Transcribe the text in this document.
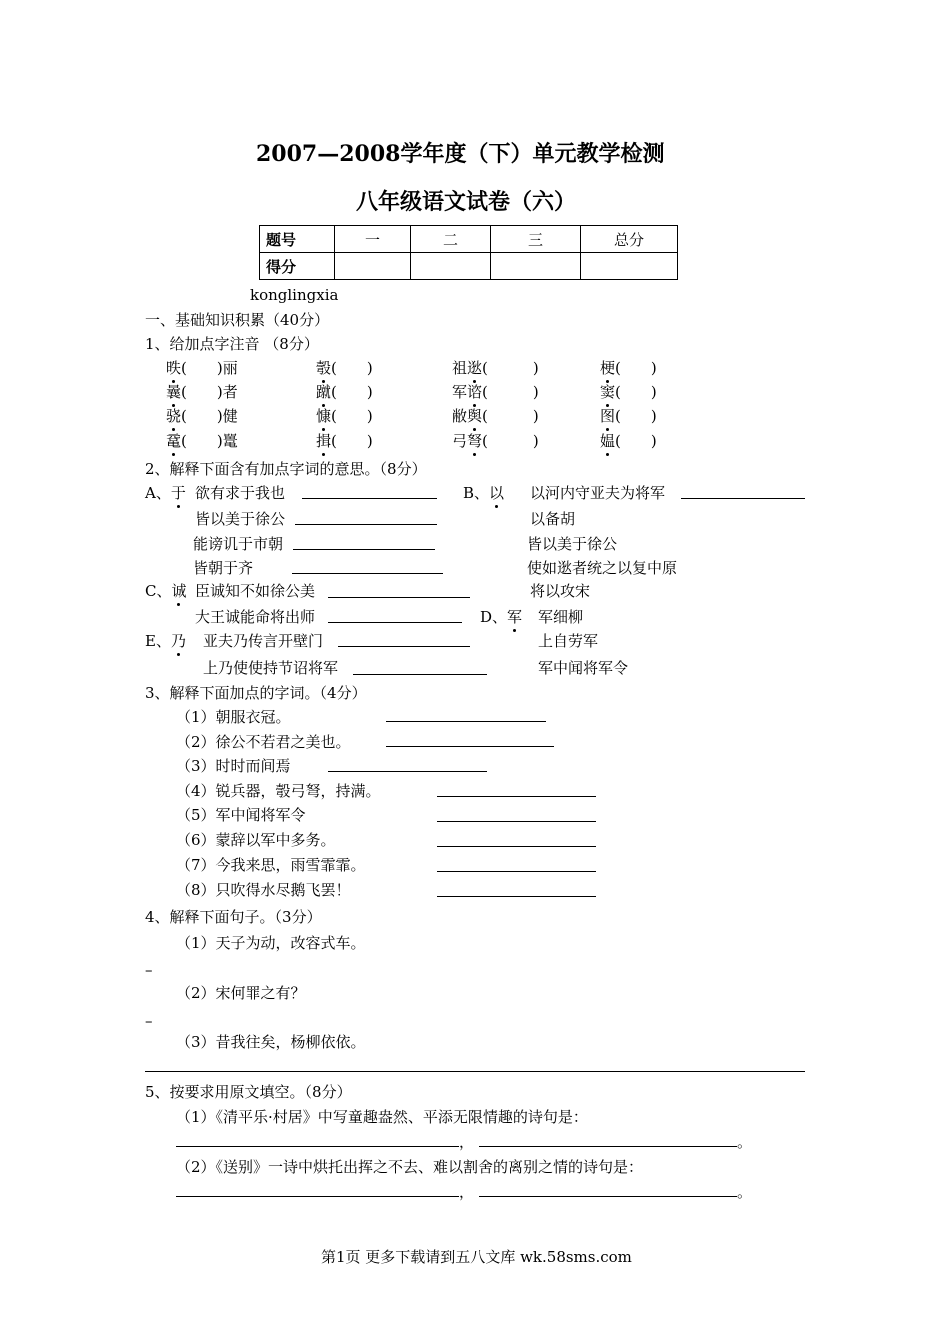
2007—2008学年度（下）单元教学检测
八年级语文试卷（六）
题号	一	二	三	总分
得分				
konglingxia
一、基础知识积累（40分）
1、给加点字注音 （8分）
昳(　　)丽	彀(　　)	祖逖(　　　)	梗(　　)
曩(　　)者	蹴(　　)	军谘(　　　)	窦(　　)
骁(　　)健	慷(　　)	敝舆(　　　)	图(　　)
鼋(　　)鼍	揖(　　)	弓弩(　　　)	媪(　　)
2、解释下面含有加点字词的意思。（8分）
A、于 欲有求于我也	B、以 以河内守亚夫为将军
皆以美于徐公	以备胡
能谤讥于市朝	皆以美于徐公
皆朝于齐	使如逖者统之以复中原
C、诚 臣诚知不如徐公美	将以攻宋
大王诚能命将出师	D、军 军细柳
E、乃 亚夫乃传言开壁门	上自劳军
上乃使使持节诏将军	军中闻将军令
3、解释下面加点的字词。（4分）
（1）朝服衣冠。
（2）徐公不若君之美也。
（3）时时而间焉
（4）锐兵器，彀弓弩，持满。
（5）军中闻将军令
（6）蒙辞以军中多务。
（7）今我来思，雨雪霏霏。
（8）只吹得水尽鹅飞罢！
4、解释下面句子。（3分）
（1）天子为动，改容式车。
–
（2）宋何罪之有？
–
（3）昔我往矣，杨柳依依。
5、按要求用原文填空。（8分）
（1）《清平乐·村居》中写童趣盎然、平添无限情趣的诗句是：
，	。
（2）《送别》一诗中烘托出挥之不去、难以割舍的离别之情的诗句是：
，	。
第1页 更多下载请到五八文库 wk.58sms.com
